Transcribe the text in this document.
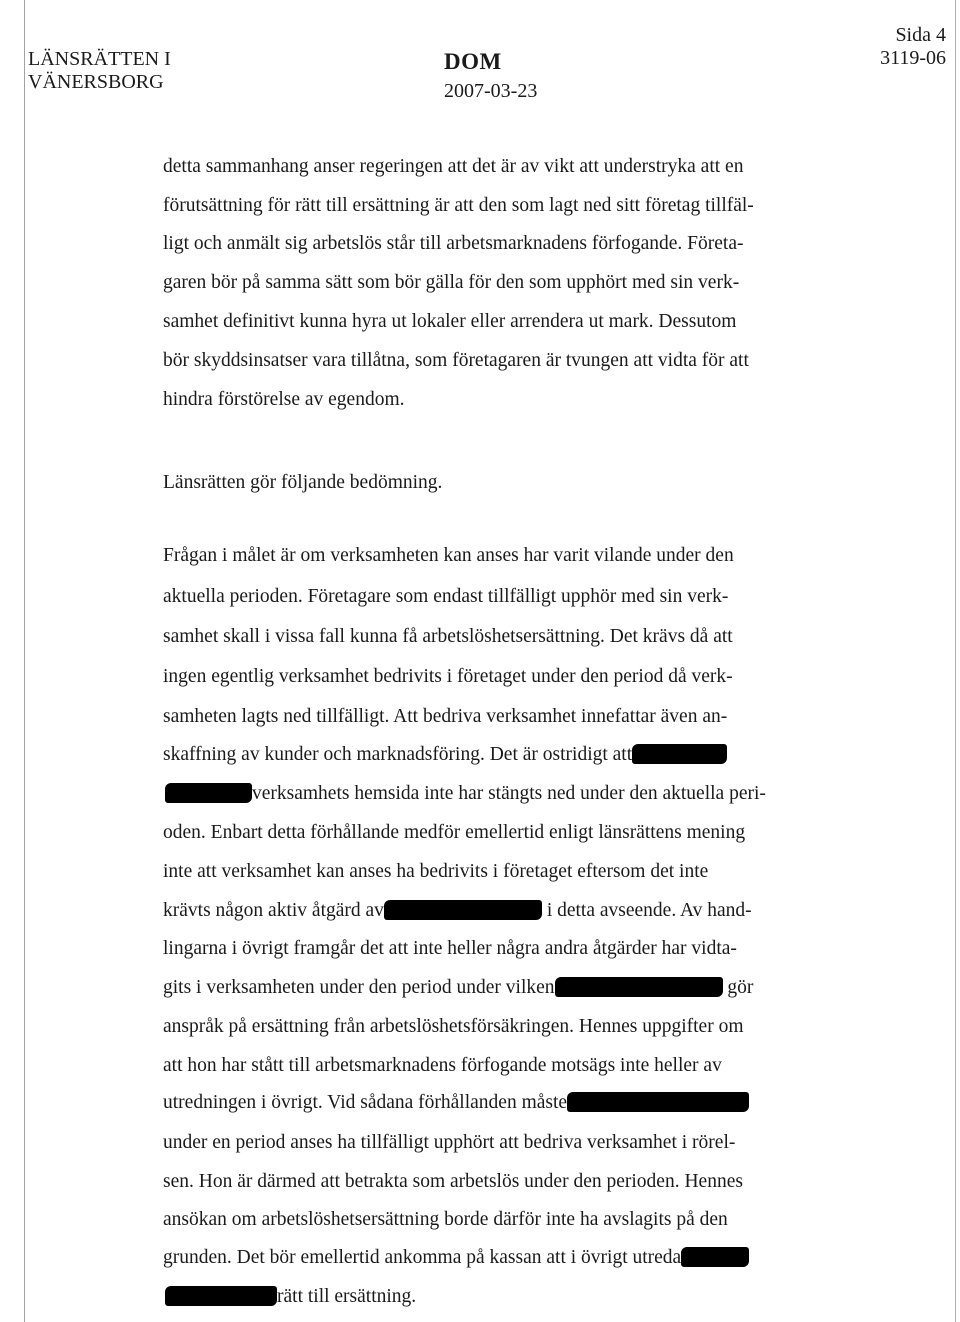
LÄNSRÄTTEN I
VÄNERSBORG
DOM
2007-03-23
Sida 4
3119-06
detta sammanhang anser regeringen att det är av vikt att understryka att en
förutsättning för rätt till ersättning är att den som lagt ned sitt företag tillfäl-
ligt och anmält sig arbetslös står till arbetsmarknadens förfogande. Företa-
garen bör på samma sätt som bör gälla för den som upphört med sin verk-
samhet definitivt kunna hyra ut lokaler eller arrendera ut mark. Dessutom
bör skyddsinsatser vara tillåtna, som företagaren är tvungen att vidta för att
hindra förstörelse av egendom.
Länsrätten gör följande bedömning.
Frågan i målet är om verksamheten kan anses har varit vilande under den
aktuella perioden. Företagare som endast tillfälligt upphör med sin verk-
samhet skall i vissa fall kunna få arbetslöshetsersättning. Det krävs då att
ingen egentlig verksamhet bedrivits i företaget under den period då verk-
samheten lagts ned tillfälligt. Att bedriva verksamhet innefattar även an-
skaffning av kunder och marknadsföring. Det är ostridigt att
verksamhets hemsida inte har stängts ned under den aktuella peri-
oden. Enbart detta förhållande medför emellertid enligt länsrättens mening
inte att verksamhet kan anses ha bedrivits i företaget eftersom det inte
krävts någon aktiv åtgärd av	i detta avseende. Av hand-
lingarna i övrigt framgår det att inte heller några andra åtgärder har vidta-
gits i verksamheten under den period under vilken	gör
anspråk på ersättning från arbetslöshetsförsäkringen. Hennes uppgifter om
att hon har stått till arbetsmarknadens förfogande motsägs inte heller av
utredningen i övrigt. Vid sådana förhållanden måste
under en period anses ha tillfälligt upphört att bedriva verksamhet i rörel-
sen. Hon är därmed att betrakta som arbetslös under den perioden. Hennes
ansökan om arbetslöshetsersättning borde därför inte ha avslagits på den
grunden. Det bör emellertid ankomma på kassan att i övrigt utreda
rätt till ersättning.
